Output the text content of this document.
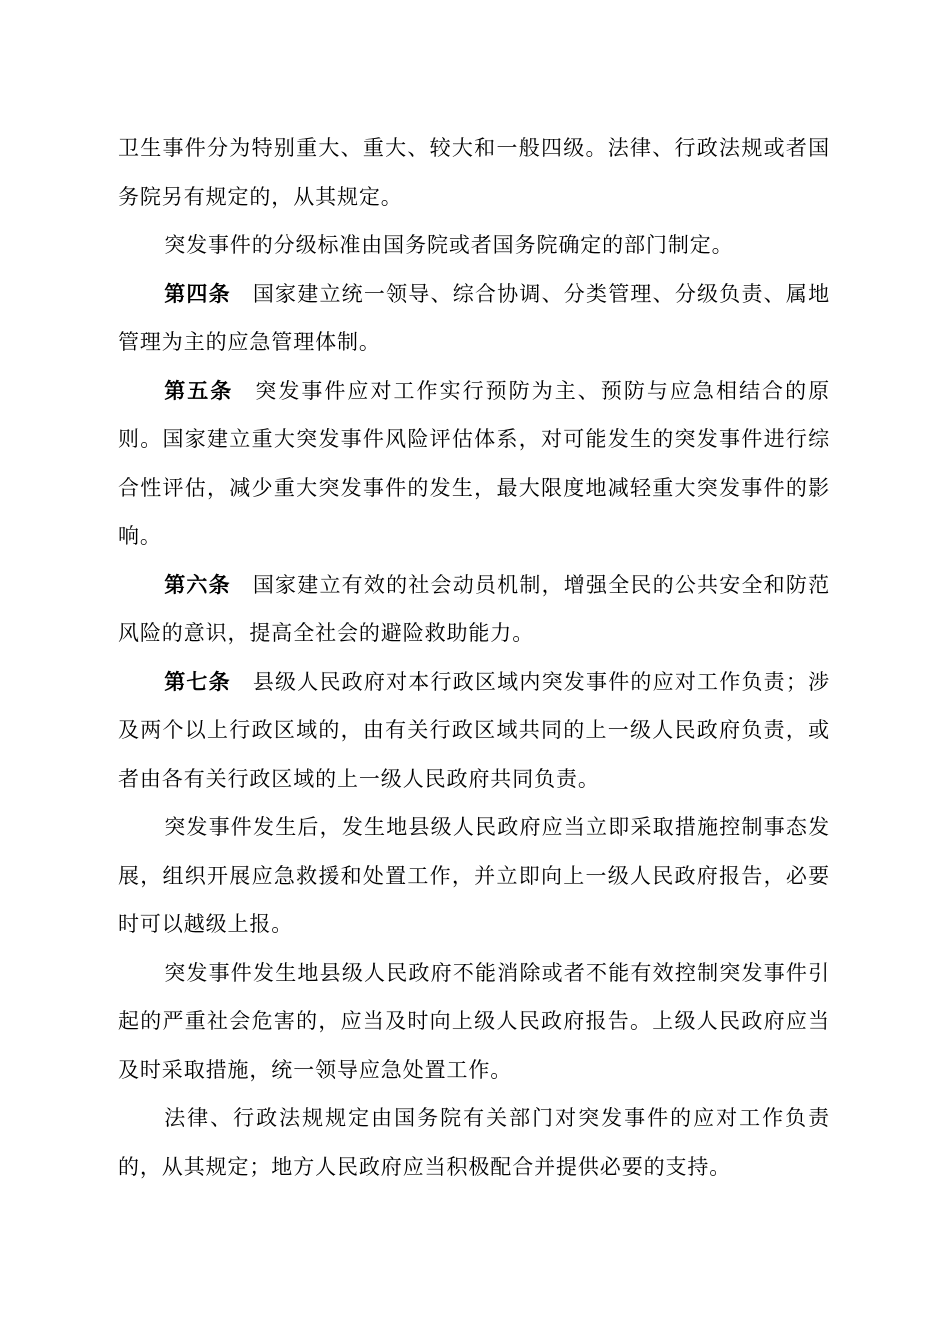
卫生事件分为特别重大、重大、较大和一般四级。法律、行政法规或者国务院另有规定的，从其规定。

突发事件的分级标准由国务院或者国务院确定的部门制定。

第四条 国家建立统一领导、综合协调、分类管理、分级负责、属地管理为主的应急管理体制。

第五条 突发事件应对工作实行预防为主、预防与应急相结合的原则。国家建立重大突发事件风险评估体系，对可能发生的突发事件进行综合性评估，减少重大突发事件的发生，最大限度地减轻重大突发事件的影响。

第六条 国家建立有效的社会动员机制，增强全民的公共安全和防范风险的意识，提高全社会的避险救助能力。

第七条 县级人民政府对本行政区域内突发事件的应对工作负责；涉及两个以上行政区域的，由有关行政区域共同的上一级人民政府负责，或者由各有关行政区域的上一级人民政府共同负责。

突发事件发生后，发生地县级人民政府应当立即采取措施控制事态发展，组织开展应急救援和处置工作，并立即向上一级人民政府报告，必要时可以越级上报。

突发事件发生地县级人民政府不能消除或者不能有效控制突发事件引起的严重社会危害的，应当及时向上级人民政府报告。上级人民政府应当及时采取措施，统一领导应急处置工作。

法律、行政法规规定由国务院有关部门对突发事件的应对工作负责的，从其规定；地方人民政府应当积极配合并提供必要的支持。
